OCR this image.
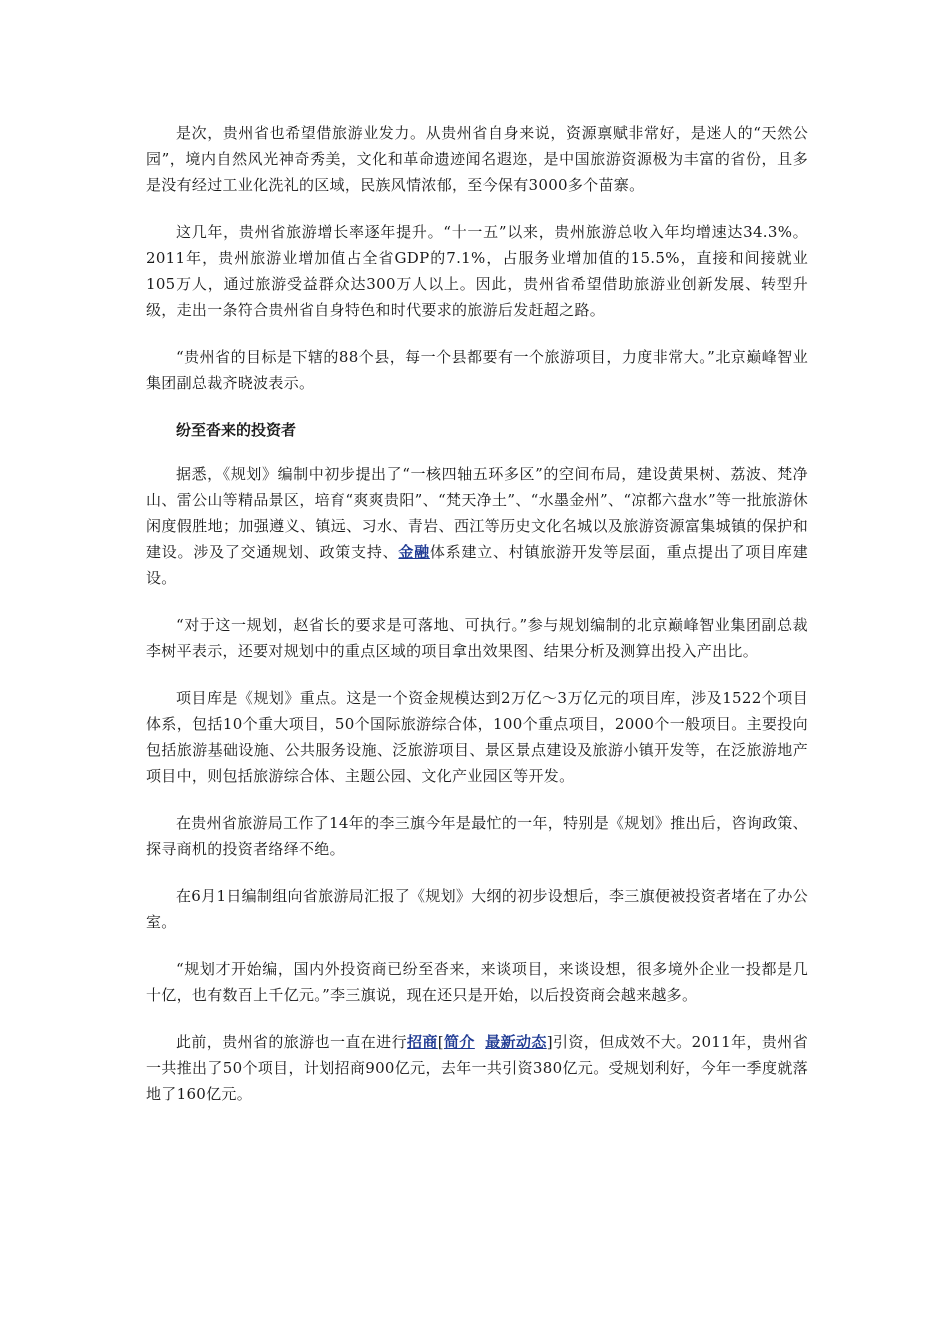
是次，贵州省也希望借旅游业发力。从贵州省自身来说，资源禀赋非常好，是迷人的“天然公园”，境内自然风光神奇秀美，文化和革命遗迹闻名遐迩，是中国旅游资源极为丰富的省份，且多是没有经过工业化洗礼的区域，民族风情浓郁，至今保有3000多个苗寨。

这几年，贵州省旅游增长率逐年提升。“十一五”以来，贵州旅游总收入年均增速达34.3%。2011年，贵州旅游业增加值占全省GDP的7.1%，占服务业增加值的15.5%，直接和间接就业105万人，通过旅游受益群众达300万人以上。因此，贵州省希望借助旅游业创新发展、转型升级，走出一条符合贵州省自身特色和时代要求的旅游后发赶超之路。

“贵州省的目标是下辖的88个县，每一个县都要有一个旅游项目，力度非常大。”北京巅峰智业集团副总裁齐晓波表示。

纷至沓来的投资者

据悉，《规划》编制中初步提出了“一核四轴五环多区”的空间布局，建设黄果树、荔波、梵净山、雷公山等精品景区，培育“爽爽贵阳”、“梵天净土”、“水墨金州”、“凉都六盘水”等一批旅游休闲度假胜地；加强遵义、镇远、习水、青岩、西江等历史文化名城以及旅游资源富集城镇的保护和建设。涉及了交通规划、政策支持、金融体系建立、村镇旅游开发等层面，重点提出了项目库建设。

“对于这一规划，赵省长的要求是可落地、可执行。”参与规划编制的北京巅峰智业集团副总裁李树平表示，还要对规划中的重点区域的项目拿出效果图、结果分析及测算出投入产出比。

项目库是《规划》重点。这是一个资金规模达到2万亿～3万亿元的项目库，涉及1522个项目体系，包括10个重大项目，50个国际旅游综合体，100个重点项目，2000个一般项目。主要投向包括旅游基础设施、公共服务设施、泛旅游项目、景区景点建设及旅游小镇开发等，在泛旅游地产项目中，则包括旅游综合体、主题公园、文化产业园区等开发。

在贵州省旅游局工作了14年的李三旗今年是最忙的一年，特别是《规划》推出后，咨询政策、探寻商机的投资者络绎不绝。

在6月1日编制组向省旅游局汇报了《规划》大纲的初步设想后，李三旗便被投资者堵在了办公室。

“规划才开始编，国内外投资商已纷至沓来，来谈项目，来谈设想，很多境外企业一投都是几十亿，也有数百上千亿元。”李三旗说，现在还只是开始，以后投资商会越来越多。

此前，贵州省的旅游也一直在进行招商[简介 最新动态]引资，但成效不大。2011年，贵州省一共推出了50个项目，计划招商900亿元，去年一共引资380亿元。受规划利好，今年一季度就落地了160亿元。
